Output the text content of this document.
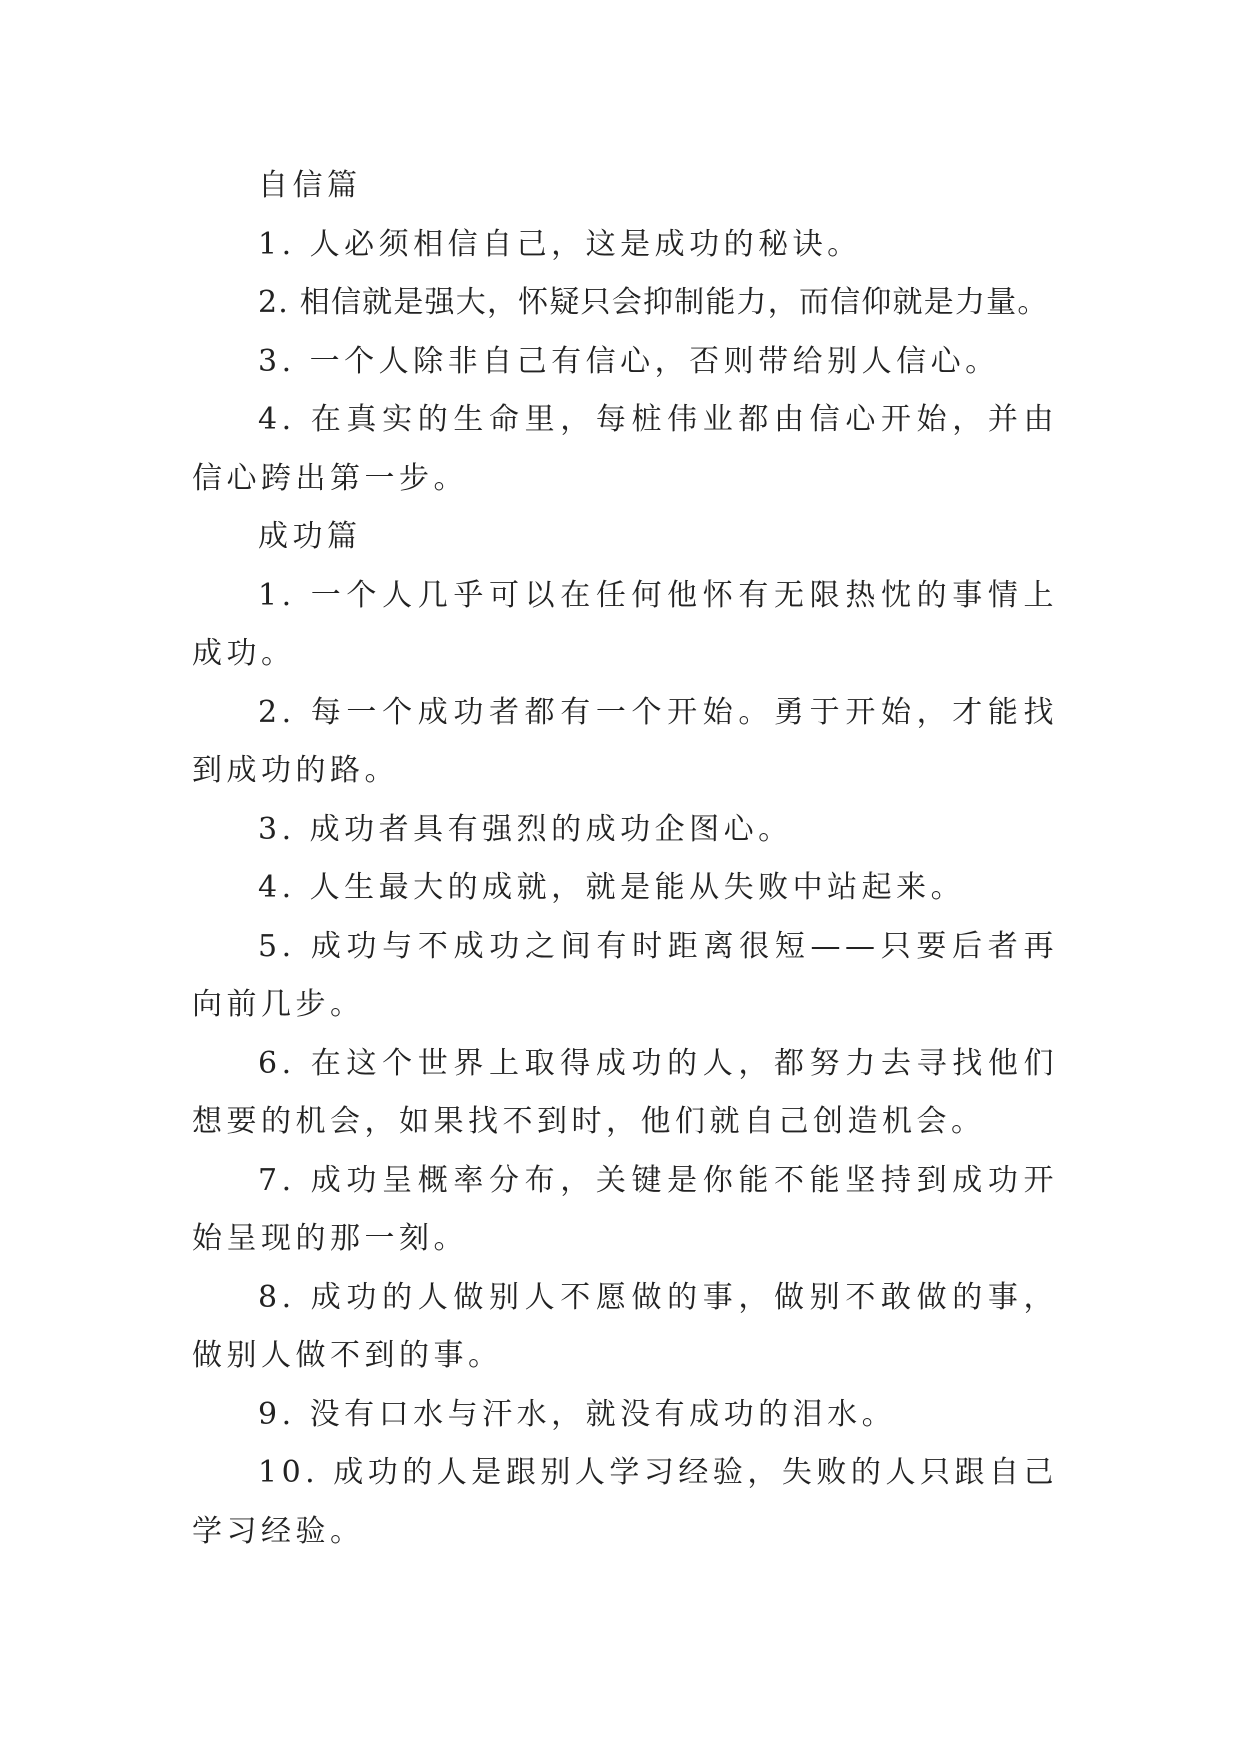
自信篇

1. 人必须相信自己，这是成功的秘诀。

2. 相信就是强大，怀疑只会抑制能力，而信仰就是力量。

3. 一个人除非自己有信心，否则带给别人信心。

4. 在真实的生命里，每桩伟业都由信心开始，并由信心跨出第一步。

成功篇

1. 一个人几乎可以在任何他怀有无限热忱的事情上成功。

2. 每一个成功者都有一个开始。勇于开始，才能找到成功的路。

3. 成功者具有强烈的成功企图心。

4. 人生最大的成就，就是能从失败中站起来。

5. 成功与不成功之间有时距离很短——只要后者再向前几步。

6. 在这个世界上取得成功的人，都努力去寻找他们想要的机会，如果找不到时，他们就自己创造机会。

7. 成功呈概率分布，关键是你能不能坚持到成功开始呈现的那一刻。

8. 成功的人做别人不愿做的事，做别不敢做的事，做别人做不到的事。

9. 没有口水与汗水，就没有成功的泪水。

10. 成功的人是跟别人学习经验，失败的人只跟自己学习经验。
